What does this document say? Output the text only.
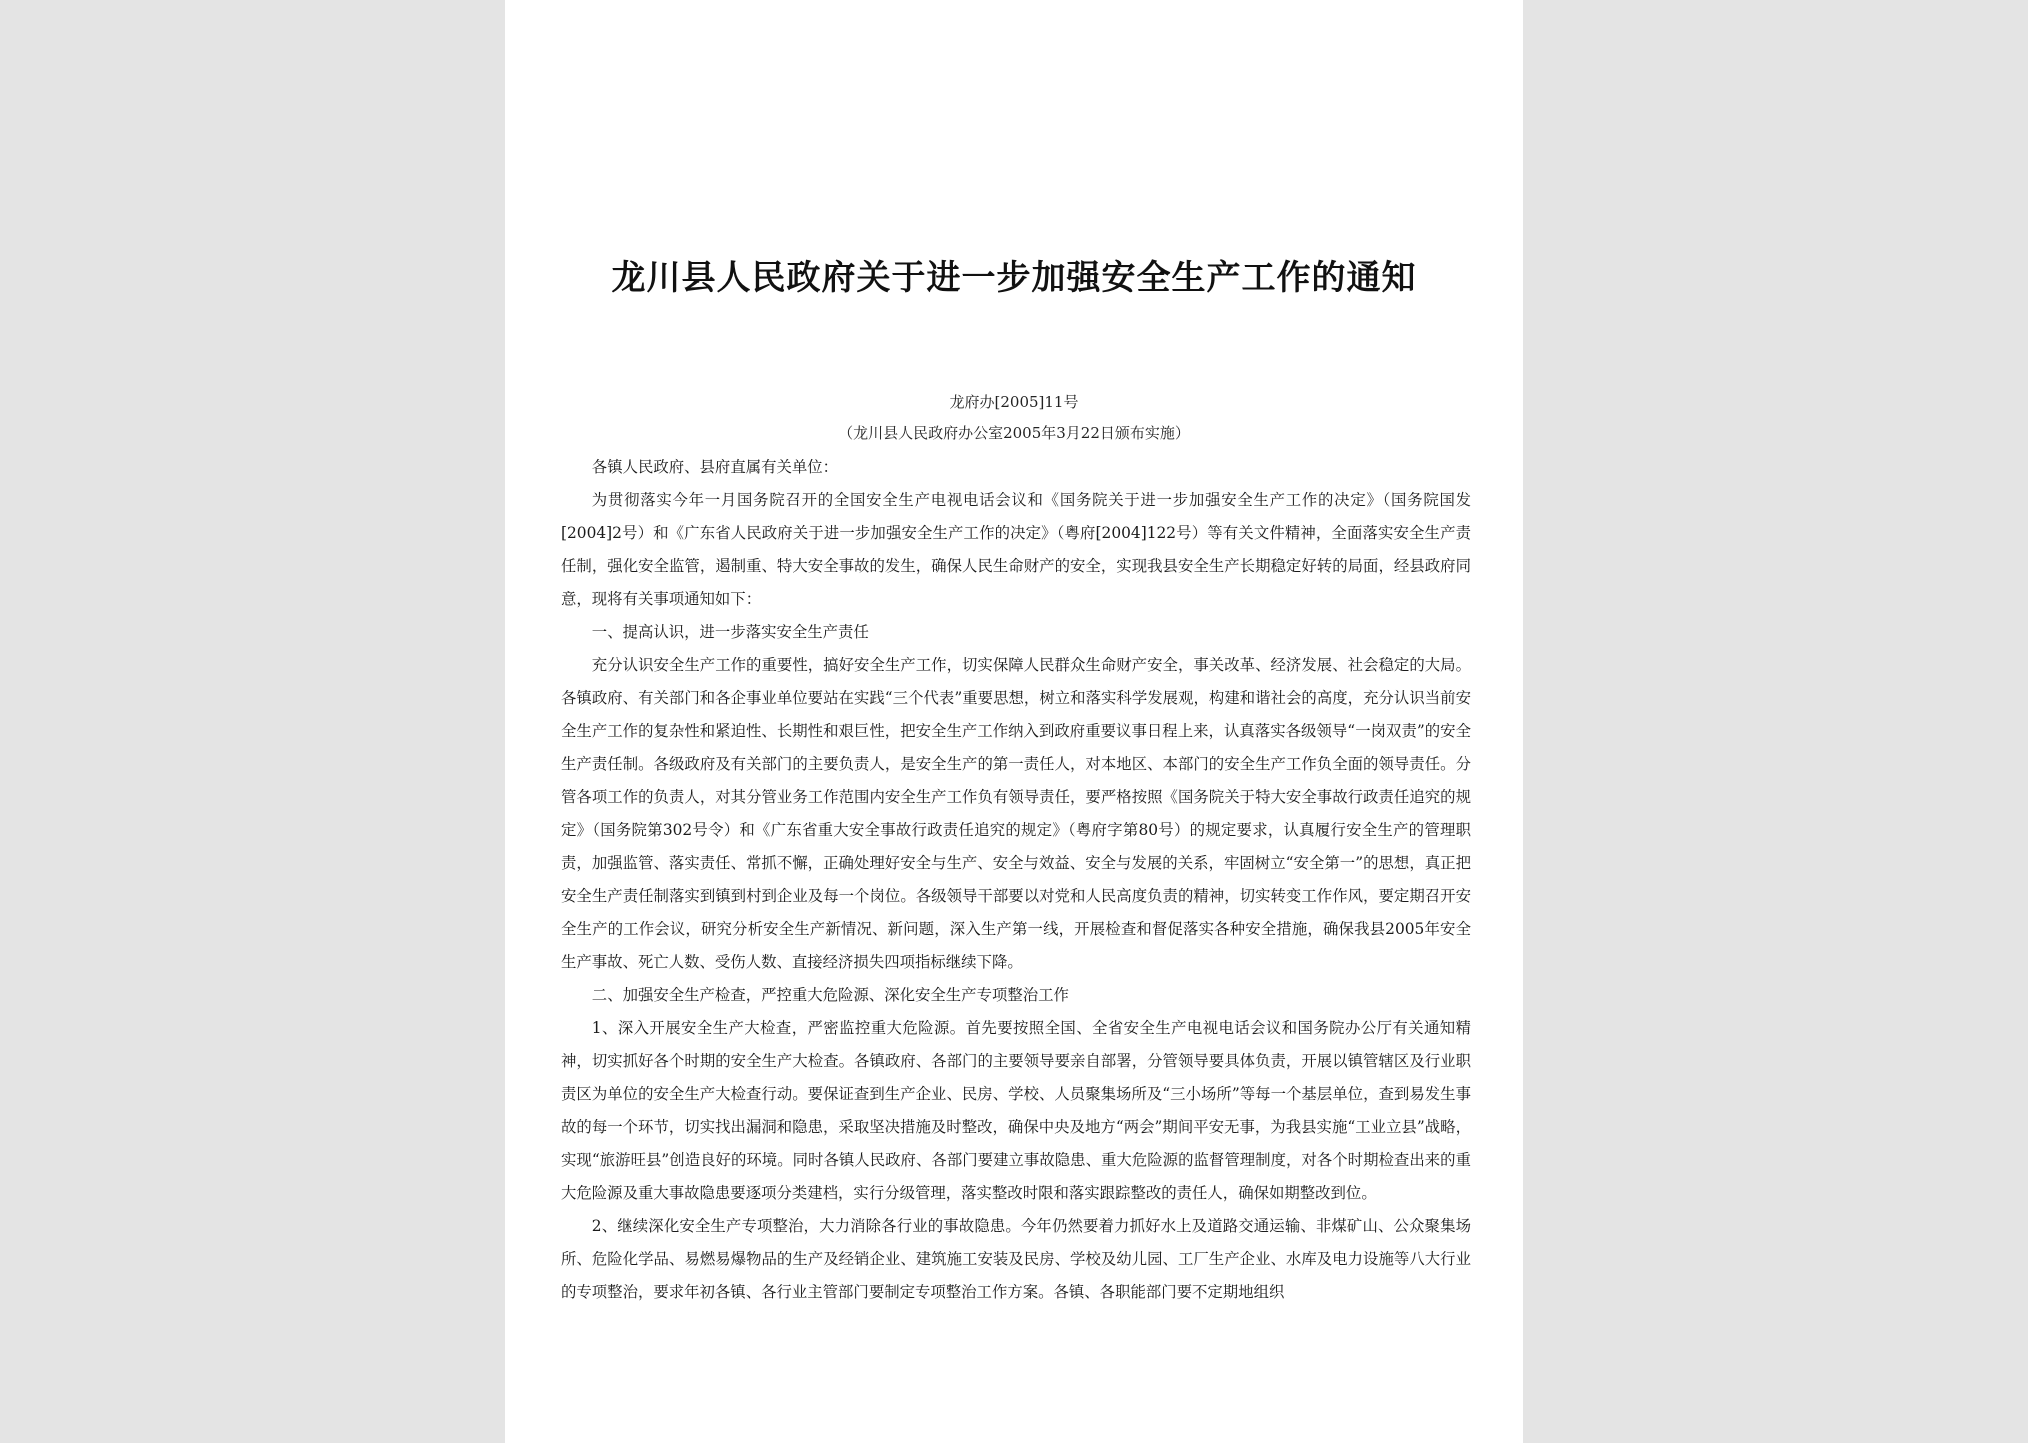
龙川县人民政府关于进一步加强安全生产工作的通知
龙府办[2005]11号
（龙川县人民政府办公室2005年3月22日颁布实施）

各镇人民政府、县府直属有关单位：

为贯彻落实今年一月国务院召开的全国安全生产电视电话会议和《国务院关于进一步加强安全生产工作的决定》（国务院国发[2004]2号）和《广东省人民政府关于进一步加强安全生产工作的决定》（粤府[2004]122号）等有关文件精神，全面落实安全生产责任制，强化安全监管，遏制重、特大安全事故的发生，确保人民生命财产的安全，实现我县安全生产长期稳定好转的局面，经县政府同意，现将有关事项通知如下：

一、提高认识，进一步落实安全生产责任

充分认识安全生产工作的重要性，搞好安全生产工作，切实保障人民群众生命财产安全，事关改革、经济发展、社会稳定的大局。各镇政府、有关部门和各企事业单位要站在实践“三个代表”重要思想，树立和落实科学发展观，构建和谐社会的高度，充分认识当前安全生产工作的复杂性和紧迫性、长期性和艰巨性，把安全生产工作纳入到政府重要议事日程上来，认真落实各级领导“一岗双责”的安全生产责任制。各级政府及有关部门的主要负责人，是安全生产的第一责任人，对本地区、本部门的安全生产工作负全面的领导责任。分管各项工作的负责人，对其分管业务工作范围内安全生产工作负有领导责任，要严格按照《国务院关于特大安全事故行政责任追究的规定》（国务院第302号令）和《广东省重大安全事故行政责任追究的规定》（粤府字第80号）的规定要求，认真履行安全生产的管理职责，加强监管、落实责任、常抓不懈，正确处理好安全与生产、安全与效益、安全与发展的关系，牢固树立“安全第一”的思想，真正把安全生产责任制落实到镇到村到企业及每一个岗位。各级领导干部要以对党和人民高度负责的精神，切实转变工作作风，要定期召开安全生产的工作会议，研究分析安全生产新情况、新问题，深入生产第一线，开展检查和督促落实各种安全措施，确保我县2005年安全生产事故、死亡人数、受伤人数、直接经济损失四项指标继续下降。

二、加强安全生产检查，严控重大危险源、深化安全生产专项整治工作

1、深入开展安全生产大检查，严密监控重大危险源。首先要按照全国、全省安全生产电视电话会议和国务院办公厅有关通知精神，切实抓好各个时期的安全生产大检查。各镇政府、各部门的主要领导要亲自部署，分管领导要具体负责，开展以镇管辖区及行业职责区为单位的安全生产大检查行动。要保证查到生产企业、民房、学校、人员聚集场所及“三小场所”等每一个基层单位，查到易发生事故的每一个环节，切实找出漏洞和隐患，采取坚决措施及时整改，确保中央及地方“两会”期间平安无事，为我县实施“工业立县”战略，实现“旅游旺县”创造良好的环境。同时各镇人民政府、各部门要建立事故隐患、重大危险源的监督管理制度，对各个时期检查出来的重大危险源及重大事故隐患要逐项分类建档，实行分级管理，落实整改时限和落实跟踪整改的责任人，确保如期整改到位。

2、继续深化安全生产专项整治，大力消除各行业的事故隐患。今年仍然要着力抓好水上及道路交通运输、非煤矿山、公众聚集场所、危险化学品、易燃易爆物品的生产及经销企业、建筑施工安装及民房、学校及幼儿园、工厂生产企业、水库及电力设施等八大行业的专项整治，要求年初各镇、各行业主管部门要制定专项整治工作方案。各镇、各职能部门要不定期地组织
